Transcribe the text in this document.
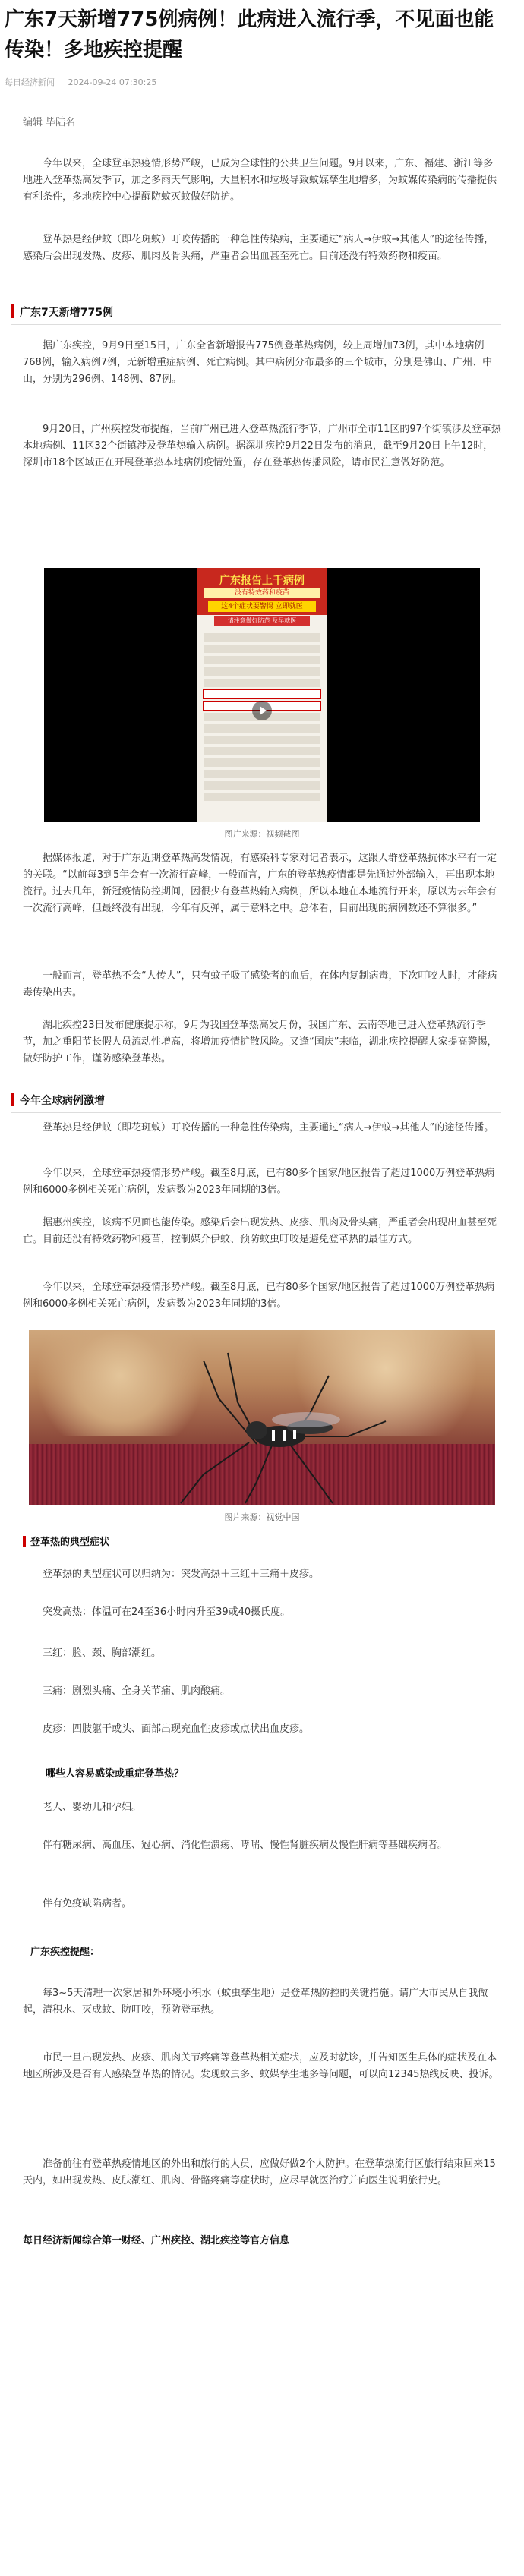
广东7天新增775例病例！此病进入流行季，不见面也能传染！多地疾控提醒
每日经济新闻 2024-09-24 07:30:25
编辑 毕陆名

今年以来，全球登革热疫情形势严峻，已成为全球性的公共卫生问题。9月以来，广东、福建、浙江等多地进入登革热高发季节，加之多雨天气影响，大量积水和垃圾导致蚊媒孳生地增多，为蚊媒传染病的传播提供有利条件，多地疾控中心提醒防蚊灭蚊做好防护。

登革热是经伊蚊（即花斑蚊）叮咬传播的一种急性传染病，主要通过“病人→伊蚊→其他人”的途径传播，感染后会出现发热、皮疹、肌肉及骨头痛，严重者会出血甚至死亡。目前还没有特效药物和疫苗。

广东7天新增775例

据广东疾控，9月9日至15日，广东全省新增报告775例登革热病例，较上周增加73例，其中本地病例768例，输入病例7例，无新增重症病例、死亡病例。其中病例分布最多的三个城市，分别是佛山、广州、中山，分别为296例、148例、87例。

9月20日，广州疾控发布提醒，当前广州已进入登革热流行季节，广州市全市11区的97个街镇涉及登革热本地病例、11区32个街镇涉及登革热输入病例。据深圳疾控9月22日发布的消息，截至9月20日上午12时，深圳市18个区域正在开展登革热本地病例疫情处置，存在登革热传播风险，请市民注意做好防范。

广东报告上千病例
没有特效药和疫苗
这4个症状要警惕 立即就医
请注意做好防范 及早就医
图片来源：视频截图

据媒体报道，对于广东近期登革热高发情况，有感染科专家对记者表示，这跟人群登革热抗体水平有一定的关联。“以前每3到5年会有一次流行高峰，一般而言，广东的登革热疫情都是先通过外部输入，再出现本地流行。过去几年，新冠疫情防控期间，因很少有登革热输入病例，所以本地在本地流行开来，原以为去年会有一次流行高峰，但最终没有出现，今年有反弹，属于意料之中。总体看，目前出现的病例数还不算很多。”

一般而言，登革热不会“人传人”，只有蚊子吸了感染者的血后，在体内复制病毒，下次叮咬人时，才能病毒传染出去。

湖北疾控23日发布健康提示称，9月为我国登革热高发月份，我国广东、云南等地已进入登革热流行季节，加之重阳节长假人员流动性增高，将增加疫情扩散风险。又逢“国庆”来临，湖北疾控提醒大家提高警惕，做好防护工作，谨防感染登革热。

今年全球病例激增

登革热是经伊蚊（即花斑蚊）叮咬传播的一种急性传染病，主要通过“病人→伊蚊→其他人”的途径传播。

今年以来，全球登革热疫情形势严峻。截至8月底，已有80多个国家/地区报告了超过1000万例登革热病例和6000多例相关死亡病例，发病数为2023年同期的3倍。

据惠州疾控，该病不见面也能传染。感染后会出现发热、皮疹、肌肉及骨头痛，严重者会出现出血甚至死亡。目前还没有特效药物和疫苗，控制媒介伊蚊、预防蚊虫叮咬是避免登革热的最佳方式。

今年以来，全球登革热疫情形势严峻。截至8月底，已有80多个国家/地区报告了超过1000万例登革热病例和6000多例相关死亡病例，发病数为2023年同期的3倍。

图片来源：视觉中国
登革热的典型症状

登革热的典型症状可以归纳为：突发高热＋三红＋三痛＋皮疹。

突发高热：体温可在24至36小时内升至39或40摄氏度。

三红：脸、颈、胸部潮红。

三痛：剧烈头痛、全身关节痛、肌肉酸痛。

皮疹：四肢躯干或头、面部出现充血性皮疹或点状出血皮疹。

哪些人容易感染或重症登革热？

老人、婴幼儿和孕妇。

伴有糖尿病、高血压、冠心病、消化性溃疡、哮喘、慢性肾脏疾病及慢性肝病等基础疾病者。

伴有免疫缺陷病者。

广东疾控提醒：

每3~5天清理一次家居和外环境小积水（蚊虫孳生地）是登革热防控的关键措施。请广大市民从自我做起，清积水、灭成蚊、防叮咬，预防登革热。

市民一旦出现发热、皮疹、肌肉关节疼痛等登革热相关症状，应及时就诊，并告知医生具体的症状及在本地区所涉及是否有人感染登革热的情况。发现蚊虫多、蚊媒孳生地多等问题，可以向12345热线反映、投诉。

准备前往有登革热疫情地区的外出和旅行的人员，应做好做2个人防护。在登革热流行区旅行结束回来15天内，如出现发热、皮肤潮红、肌肉、骨骼疼痛等症状时，应尽早就医治疗并向医生说明旅行史。

每日经济新闻综合第一财经、广州疾控、湖北疾控等官方信息
